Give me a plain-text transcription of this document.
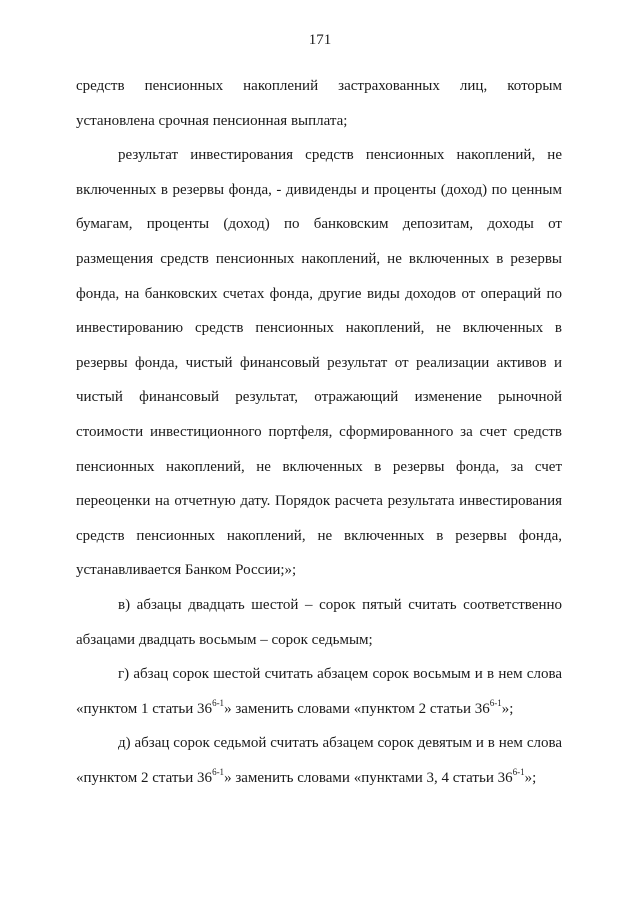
171
средств пенсионных накоплений застрахованных лиц, которым
установлена срочная пенсионная выплата;
результат инвестирования средств пенсионных накоплений, не
включенных в резервы фонда, - дивиденды и проценты (доход) по ценным
бумагам, проценты (доход) по банковским депозитам, доходы от
размещения средств пенсионных накоплений, не включенных в резервы
фонда, на банковских счетах фонда, другие виды доходов от операций по
инвестированию средств пенсионных накоплений, не включенных в
резервы фонда, чистый финансовый результат от реализации активов и
чистый финансовый результат, отражающий изменение рыночной
стоимости инвестиционного портфеля, сформированного за счет средств
пенсионных накоплений, не включенных в резервы фонда, за счет
переоценки на отчетную дату. Порядок расчета результата инвестирования
средств пенсионных накоплений, не включенных в резервы фонда,
устанавливается Банком России;»;
в) абзацы двадцать шестой – сорок пятый считать соответственно
абзацами двадцать восьмым – сорок седьмым;
г) абзац сорок шестой считать абзацем сорок восьмым и в нем слова
«пунктом 1 статьи 36$^{6-1}$» заменить словами «пунктом 2 статьи 36$^{6-1}$»;
д) абзац сорок седьмой считать абзацем сорок девятым и в нем слова
«пунктом 2 статьи 36$^{6-1}$» заменить словами «пунктами 3, 4 статьи 36$^{6-1}$»;
